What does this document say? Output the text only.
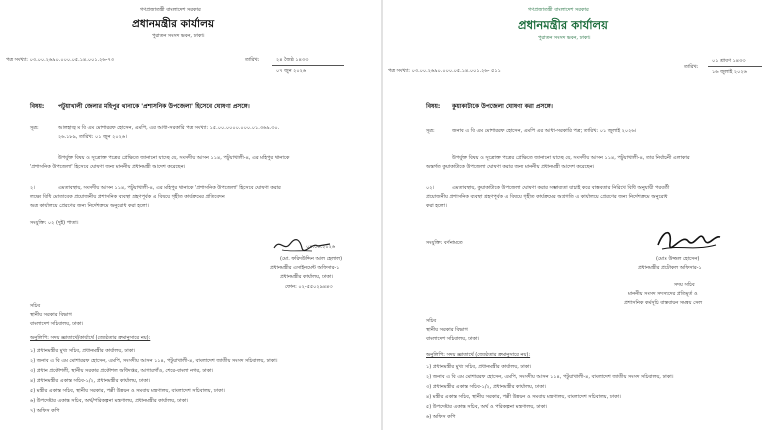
গণপ্রজাতন্ত্রী বাংলাদেশ সরকার
প্রধানমন্ত্রীর কার্যালয়
পুরাতন সংসদ ভবন, ঢাকা।
পত্র সংখ্যা: ০৩.০০.২৬৯০.০০০.০৫.১৪.০০১.২৬-৭৩	তারিখ:	২৪ জৈষ্ঠ ১৪৩৩
০৭ জুন ২০২৬
বিষয়: পটুয়াখালী জেলার মহিপুর থানাকে 'প্রশাসনিক উপজেলা' হিসেবে ঘোষণা প্রসঙ্গে।
সূত্র:	আলহাজ্ব ম বি এম মোশাররফ হোসেন, এমপি, এর আধা-সরকারি পত্র সংখ্যা: ১৫.০০.০০০০.০০০.০১.৩৬৯.৩০.
২৬.১৮৯, তারিখ: ০১ জুন ২০২৬।
উপর্যুক্ত বিষয় ও সূত্রোক্ত পত্রের প্রেক্ষিতে জানানো যাচ্ছে যে, সংসদীয় আসন ১১৪, পটুয়াখালী-৪, এর মহিপুর থানাকে
'প্রশাসনিক উপজেলা' হিসেবে ঘোষণা জন্য মাননীয় প্রধানমন্ত্রী আদেশ করেছেন।
২।	এমতাবস্থায়, সংসদীয় আসন ১১৪, পটুয়াখালী-৪, এর মহিপুর থানাকে 'প্রশাসনিক উপজেলা' হিসেবে ঘোষণা করার
লক্ষ্যে বিধি মোতাবেক প্রয়োজনীয় প্রশাসনিক ব্যবস্থা গ্রহণপূর্বক এ বিষয়ে গৃহীত কার্যক্রমের প্রতিবেদন
অত্র কার্যালয়ে প্রেরণের জন্য নির্দেশক্রমে অনুরোধ করা হলো।
সংযুক্তি: ০২ (দুই) পাতা।
০৭.০৬.২০২৬
(মো. ফরিদউদ্দিন আল হেলাল)
প্রধানমন্ত্রীর এসাইনমেন্ট অফিসার-১
প্রধানমন্ত্রীর কার্যালয়, ঢাকা।
ফোন: ০২-৫৫০২৯৪৪৩
সচিব
স্থানীয় সরকার বিভাগ
বাংলাদেশ সচিবালয়, ঢাকা।
অনুলিপি: সদয় জ্ঞাতার্থে/কার্যার্থে (জ্যেষ্ঠতার ক্রমানুসারে নয়):
১) প্রধানমন্ত্রীর মুখ্য সচিব, প্রধানমন্ত্রীর কার্যালয়, ঢাকা।
২) জনাব এ বি এম মোশাররফ হোসেন, এমপি, সংসদীয় আসন ১১৪, পটুয়াখালী-৪, বাংলাদেশ জাতীয় সংসদ সচিবালয়, ঢাকা।
৩) প্রধান প্রকৌশলী, স্থানীয় সরকার প্রকৌশল অধিদপ্তর, আগারগাঁও, শেরে-বাংলা নগর, ঢাকা।
৪) প্রধানমন্ত্রীর একান্ত সচিব-১/২, প্রধানমন্ত্রীর কার্যালয়, ঢাকা।
৫) মন্ত্রীর একান্ত সচিব, স্থানীয় সরকার, পল্লী উন্নয়ন ও সমবায় মন্ত্রণালয়, বাংলাদেশ সচিবালয়, ঢাকা।
৬) উপদেষ্টার একান্ত সচিব, অর্থ/পরিকল্পনা মন্ত্রণালয়, প্রধানমন্ত্রীর কার্যালয়, ঢাকা।
৭) অফিস কপি
গণপ্রজাতন্ত্রী বাংলাদেশ সরকার
প্রধানমন্ত্রীর কার্যালয়
পুরাতন সংসদ ভবন, ঢাকা।
পত্র সংখ্যা: ০৩.০০.২৬৯০.০০০.০৫.১৪.০০১.২৬- ৫১১
তারিখ:
০১ শ্রাবণ ১৪৩৩
১৬ জুলাই ২০২৬
বিষয়: কুয়াকাটাকে উপজেলা ঘোষণা করা প্রসঙ্গে।
সূত্র:	জনাব এ বি এম মোশাররফ হোসেন, এমপি এর আধা-সরকারি পত্র; তারিখ: ০১ জুলাই ২০২৬।
উপর্যুক্ত বিষয় ও সূত্রোক্ত পত্রের প্রেক্ষিতে জানানো যাচ্ছে যে, সংসদীয় আসন ১১৪, পটুয়াখালী-৪, তার নির্বাচনী এলাকার
অন্তর্গত কুয়াকাটাকে উপজেলা ঘোষণা করার জন্য মাননীয় প্রধানমন্ত্রী আদেশ করেছেন।
০২।	এমতাবস্থায়, কুয়াকাটাকে উপজেলা ঘোষণা করার সম্ভাব্যতা যাচাই করে বাস্তবতার নিরিখে বিধি অনুযায়ী পরবর্তী
প্রয়োজনীয় প্রশাসনিক ব্যবস্থা গ্রহণপূর্বক এ বিষয়ে গৃহীত কার্যক্রমের অগ্রগতি এ কার্যালয়ে প্রেরণের জন্য নির্দেশক্রমে অনুরোধ
করা হলো।
সংযুক্তি: বর্ণনামতে
(মোঃ উজ্জল হোসেন)
প্রধানমন্ত্রীর প্রটোকল অফিসার-১
সদয় সচিব
মাননীয় সংসদ সদস্যদের প্রতিমূর্ত ও
প্রশাসনিক কর্মসূচি বাস্তবায়ন সমন্বয় সেল
সচিব
স্থানীয় সরকার বিভাগ
বাংলাদেশ সচিবালয়, ঢাকা।
অনুলিপি: সদয় জ্ঞাতার্থে (জ্যেষ্ঠতার ক্রমানুসারে নয়):
১) প্রধানমন্ত্রীর মুখ্য সচিব, প্রধানমন্ত্রীর কার্যালয়, ঢাকা।
২) জনাব এ বি এম মোশাররফ হোসেন, এমপি, সংসদীয় আসন ১১৪, পটুয়াখালী-৪, বাংলাদেশ জাতীয় সংসদ সচিবালয়, ঢাকা।
৩) প্রধানমন্ত্রীর একান্ত সচিব-১/২, প্রধানমন্ত্রীর কার্যালয়, ঢাকা।
৪) মন্ত্রীর একান্ত সচিব, স্থানীয় সরকার, পল্লী উন্নয়ন ও সমবায় মন্ত্রণালয়, বাংলাদেশ সচিবালয়, ঢাকা।
৫) উপদেষ্টার একান্ত সচিব, অর্থ ও পরিকল্পনা মন্ত্রণালয়, ঢাকা।
৬) অফিস কপি
